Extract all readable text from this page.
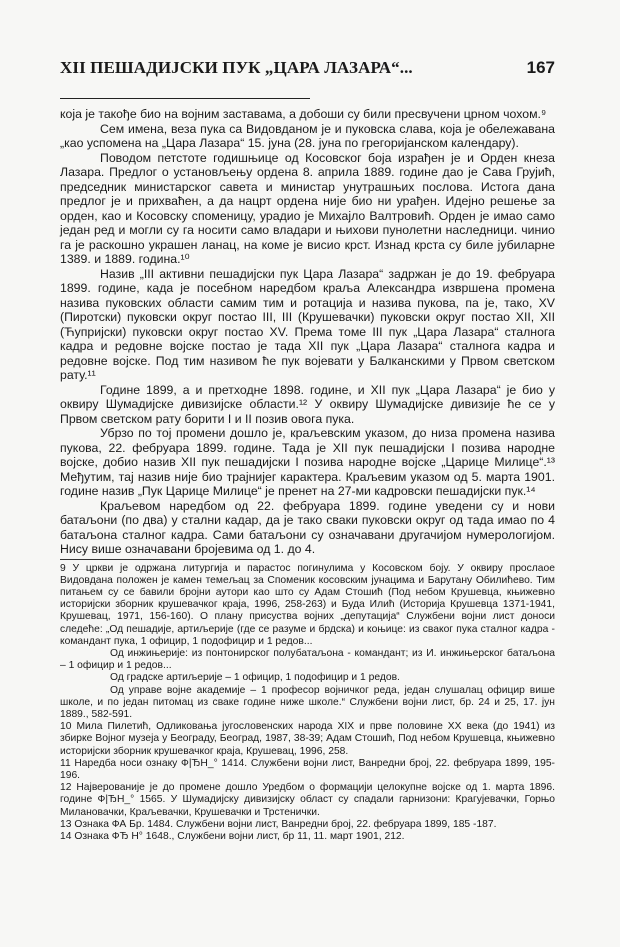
XII ПЕШАДИЈСКИ ПУК „ЦАРА ЛАЗАРА“...	167

која је такође био на војним заставама, а добоши су били пресвучени црном чохом.⁹

Сем имена, веза пука са Видовданом је и пуковска слава, која је обележавана „као успомена на „Цара Лазара“ 15. јуна (28. јуна по грегоријанском календару).

Поводом петстоте годишњице од Косовског боја израђен је и Орден кнеза Лазара. Предлог о установљењу ордена 8. априла 1889. године дао је Сава Грујић, председник министарског савета и министар унутрашњих послова. Истога дана предлог је и прихваћен, а да нацрт ордена није био ни урађен. Идејно решење за орден, као и Косовску споменицу, урадио је Михајло Валтровић. Орден је имао само један ред и могли су га носити само владари и њихови пунолетни наследници. чинио га је раскошно украшен ланац, на коме је висио крст. Изнад крста су биле јубиларне 1389. и 1889. година.¹⁰

Назив „III активни пешадијски пук Цара Лазара“ задржан је до 19. фебруара 1899. године, када је посебном наредбом краља Александра извршена промена назива пуковских области самим тим и ротација и назива пукова, па је, тако, XV (Пиротски) пуковски округ постао III, III (Крушевачки) пуковски округ постао XII, XII (Ћупријски) пуковски округ постао XV. Према томе III пук „Цара Лазара“ сталнога кадра и редовне војске постао је тада XII пук „Цара Лазара“ сталнога кадра и редовне војске. Под тим називом ће пук војевати у Балканскими у Првом светском рату.¹¹

Године 1899, а и претходне 1898. године, и XII пук „Цара Лазара“ је био у оквиру Шумадијске дивизијске области.¹² У оквиру Шумадијске дивизије ће се у Првом светском рату борити I и II позив овога пука.

Убрзо по тој промени дошло је, краљевским указом, до низа промена назива пукова, 22. фебруара 1899. године. Тада је XII пук пешадијски I позива народне војске, добио назив XII пук пешадијски I позива народне војске „Царице Милице“.¹³ Међутим, тај назив није био трајнијег карактера. Краљевим указом од 5. марта 1901. године назив „Пук Царице Милице“ је пренет на 27-ми кадровски пешадијски пук.¹⁴

Краљевом наредбом од 22. фебруара 1899. године уведени су и нови батаљони (по два) у стални кадар, да је тако сваки пуковски округ од тада имао по 4 батаљона сталног кадра. Сами батаљони су означавани другачијом нумерологијом. Нису више означавани бројевима од 1. до 4.

9 У цркви је одржана литургија и парастос погинулима у Косовском боју. У оквиру прослаое Видовдана положен је камен темељац за Споменик косовским јунацима и Барутану Обилићево. Тим питањем су се бавили бројни аутори као што су Адам Стошић (Под небом Крушевца, књижевно историјски зборник крушевачког краја, 1996, 258-263) и Буда Илић (Историја Крушевца 1371-1941, Крушевац, 1971, 156-160). О плану присуства војних „депутација“ Службени војни лист доноси следеће: „Од пешадије, артиљерије (где се разуме и брдска) и коњице: из сваког пука сталног кадра - командант пука, 1 официр, 1 подофицир и 1 редов...

Од инжињерије: из понтонирског полубатаљона - командант; из И. инжињерског батаљона – 1 официр и 1 редов...

Од градске артиљерије – 1 официр, 1 подофицир и 1 редов.

Од управе војне академије – 1 професор војничког реда, један слушалац официр више школе, и по један питомац из сваке године ниже школе.“ Службени војни лист, бр. 24 и 25, 17. јун 1889., 582-591.

10 Мила Пилетић, Одликовања југословенских народа XIX и прве половине XX века (до 1941) из збирке Војног музеја у Београду, Београд, 1987, 38-39; Адам Стошић, Под небом Крушевца, књижевно историјски зборник крушевачког краја, Крушевац, 1996, 258.

11 Наредба носи ознаку Ф|ЂН_° 1414. Службени војни лист, Ванредни број, 22. фебруара 1899, 195-196.

12 Најверованије је до промене дошло Уредбом о формацији целокупне војске од 1. марта 1896. године Ф|ЂН_° 1565. У Шумадијску дивизијску област су спадали гарнизони: Крагујевачки, Горњо Милановачки, Краљевачки, Крушевачки и Трстенички.

13 Ознака ФА Бр. 1484. Службени војни лист, Ванредни број, 22. фебруара 1899, 185 -187.

14 Ознака ФЂ Н° 1648., Службени војни лист, бр 11, 11. март 1901, 212.
